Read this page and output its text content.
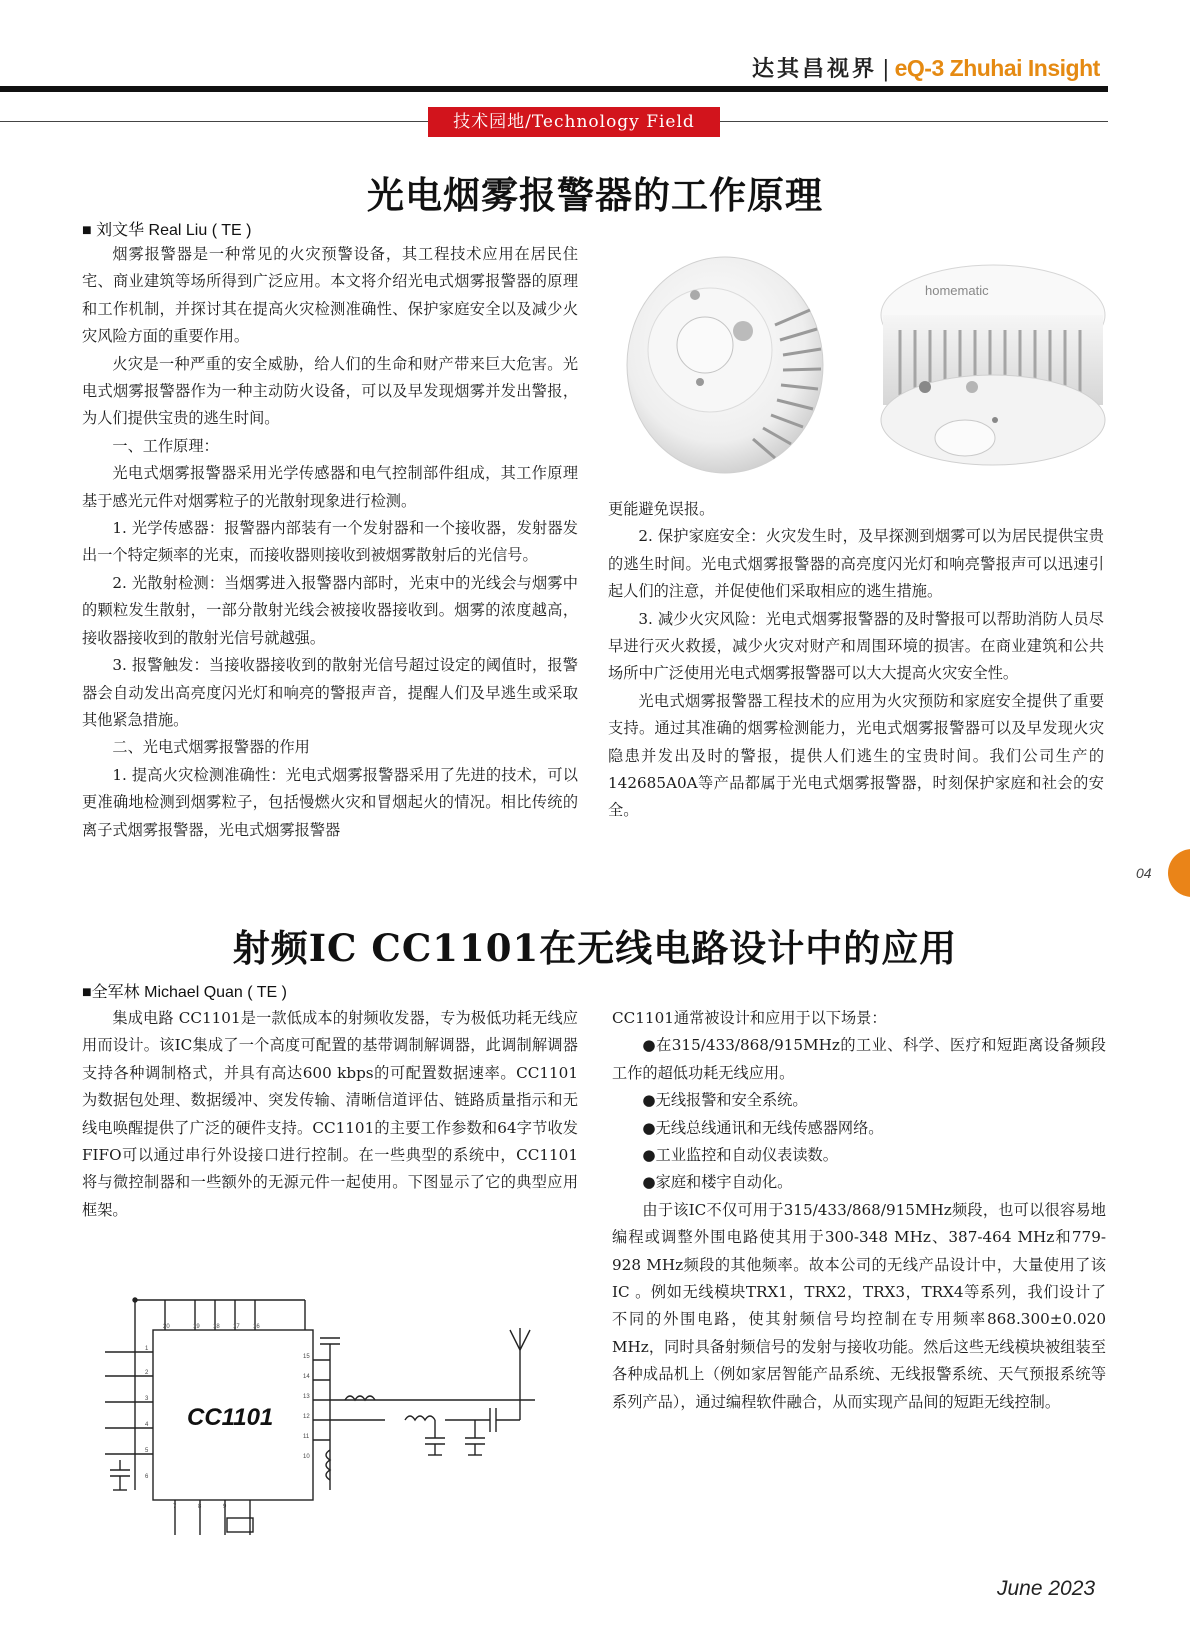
达其昌视界 | eQ-3 Zhuhai Insight
技术园地/Technology Field
光电烟雾报警器的工作原理
■ 刘文华 Real Liu ( TE )

烟雾报警器是一种常见的火灾预警设备，其工程技术应用在居民住宅、商业建筑等场所得到广泛应用。本文将介绍光电式烟雾报警器的原理和工作机制，并探讨其在提高火灾检测准确性、保护家庭安全以及减少火灾风险方面的重要作用。

火灾是一种严重的安全威胁，给人们的生命和财产带来巨大危害。光电式烟雾报警器作为一种主动防火设备，可以及早发现烟雾并发出警报，为人们提供宝贵的逃生时间。

一、工作原理：

光电式烟雾报警器采用光学传感器和电气控制部件组成，其工作原理基于感光元件对烟雾粒子的光散射现象进行检测。

1. 光学传感器：报警器内部装有一个发射器和一个接收器，发射器发出一个特定频率的光束，而接收器则接收到被烟雾散射后的光信号。

2. 光散射检测：当烟雾进入报警器内部时，光束中的光线会与烟雾中的颗粒发生散射，一部分散射光线会被接收器接收到。烟雾的浓度越高，接收器接收到的散射光信号就越强。

3. 报警触发：当接收器接收到的散射光信号超过设定的阈值时，报警器会自动发出高亮度闪光灯和响亮的警报声音，提醒人们及早逃生或采取其他紧急措施。

二、光电式烟雾报警器的作用

1. 提高火灾检测准确性：光电式烟雾报警器采用了先进的技术，可以更准确地检测到烟雾粒子，包括慢燃火灾和冒烟起火的情况。相比传统的离子式烟雾报警器，光电式烟雾报警器

homematic

更能避免误报。

2. 保护家庭安全：火灾发生时，及早探测到烟雾可以为居民提供宝贵的逃生时间。光电式烟雾报警器的高亮度闪光灯和响亮警报声可以迅速引起人们的注意，并促使他们采取相应的逃生措施。

3. 减少火灾风险：光电式烟雾报警器的及时警报可以帮助消防人员尽早进行灭火救援，减少火灾对财产和周围环境的损害。在商业建筑和公共场所中广泛使用光电式烟雾报警器可以大大提高火灾安全性。

光电式烟雾报警器工程技术的应用为火灾预防和家庭安全提供了重要支持。通过其准确的烟雾检测能力，光电式烟雾报警器可以及早发现火灾隐患并发出及时的警报，提供人们逃生的宝贵时间。我们公司生产的142685A0A等产品都属于光电式烟雾报警器，时刻保护家庭和社会的安全。

04
射频IC CC1101在无线电路设计中的应用
■全军林 Michael Quan ( TE )

集成电路 CC1101是一款低成本的射频收发器，专为极低功耗无线应用而设计。该IC集成了一个高度可配置的基带调制解调器，此调制解调器支持各种调制格式，并具有高达600 kbps的可配置数据速率。CC1101为数据包处理、数据缓冲、突发传输、清晰信道评估、链路质量指示和无线电唤醒提供了广泛的硬件支持。CC1101的主要工作参数和64字节收发FIFO可以通过串行外设接口进行控制。在一些典型的系统中，CC1101将与微控制器和一些额外的无源元件一起使用。下图显示了它的典型应用框架。

CC1101
1
2
3
4
5
6
15
14
13
12
11
10
20	19 18 17 16
7	8	9

CC1101通常被设计和应用于以下场景：

●在315/433/868/915MHz的工业、科学、医疗和短距离设备频段工作的超低功耗无线应用。

●无线报警和安全系统。

●无线总线通讯和无线传感器网络。

●工业监控和自动仪表读数。

●家庭和楼宇自动化。

由于该IC不仅可用于315/433/868/915MHz频段，也可以很容易地编程或调整外围电路使其用于300-348 MHz、387-464 MHz和779-928 MHz频段的其他频率。故本公司的无线产品设计中，大量使用了该IC 。例如无线模块TRX1，TRX2，TRX3，TRX4等系列，我们设计了不同的外围电路，使其射频信号均控制在专用频率868.300±0.020 MHz，同时具备射频信号的发射与接收功能。然后这些无线模块被组装至各种成品机上（例如家居智能产品系统、无线报警系统、天气预报系统等系列产品），通过编程软件融合，从而实现产品间的短距无线控制。

June 2023
